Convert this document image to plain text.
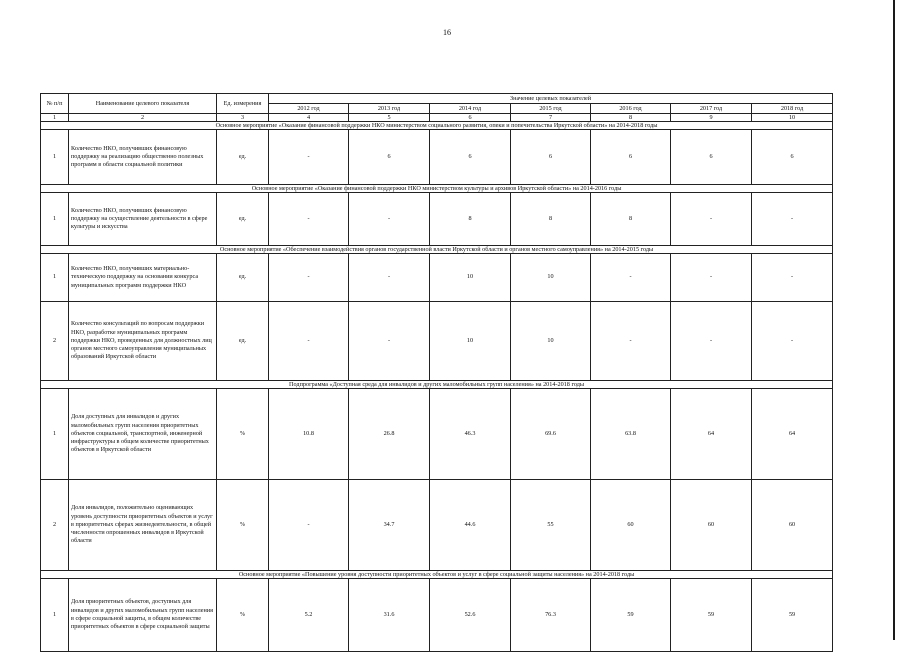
16
№ п/п	Наименование целевого показателя	Ед. измерения	Значение целевых показателей						
			2012 год	2013 год	2014 год	2015 год	2016 год	2017 год	2018 год
1	2	3	4	5	6	7	8	9	10
Основное мероприятие «Оказание финансовой поддержки НКО министерством социального развития, опеки и попечительства Иркутской области» на 2014-2018 годы									
1	Количество НКО, получивших финансовую поддержку на реализацию общественно полезных программ в области социальной политики	ед.	-	6	6	6	6	6	6
Основное мероприятие «Оказание финансовой поддержки НКО министерством культуры и архивов Иркутской области» на 2014-2016 годы									
1	Количество НКО, получивших финансовую поддержку на осуществление деятельности в сфере культуры и искусства	ед.	-	-	8	8	8	-	-
Основное мероприятие «Обеспечение взаимодействия органов государственной власти Иркутской области и органов местного самоуправления» на 2014-2015 годы									
1	Количество НКО, получивших материально-техническую поддержку на основании конкурса муниципальных программ поддержки НКО	ед.	-	-	10	10	-	-	-
2	Количество консультаций по вопросам поддержки НКО, разработке муниципальных программ поддержки НКО, проведенных для должностных лиц органов местного самоуправления муниципальных образований Иркутской области	ед.	-	-	10	10	-	-	-
Подпрограмма «Доступная среда для инвалидов и других маломобильных групп населения» на 2014-2018 годы									
1	Доля доступных для инвалидов и других маломобильных групп населения приоритетных объектов социальной, транспортной, инженерной инфраструктуры в общем количестве приоритетных объектов в Иркутской области	%	10.8	26.8	46.3	69.6	63.8	64	64
2	Доля инвалидов, положительно оценивающих уровень доступности приоритетных объектов и услуг в приоритетных сферах жизнедеятельности, в общей численности опрошенных инвалидов в Иркутской области	%	-	34.7	44.6	55	60	60	60
Основное мероприятие «Повышение уровня доступности приоритетных объектов и услуг в сфере социальной защиты населения» на 2014-2018 годы									
1	Доля приоритетных объектов, доступных для инвалидов и других маломобильных групп населения в сфере социальной защиты, в общем количестве приоритетных объектов в сфере социальной защиты	%	5.2	31.6	52.6	76.3	59	59	59
